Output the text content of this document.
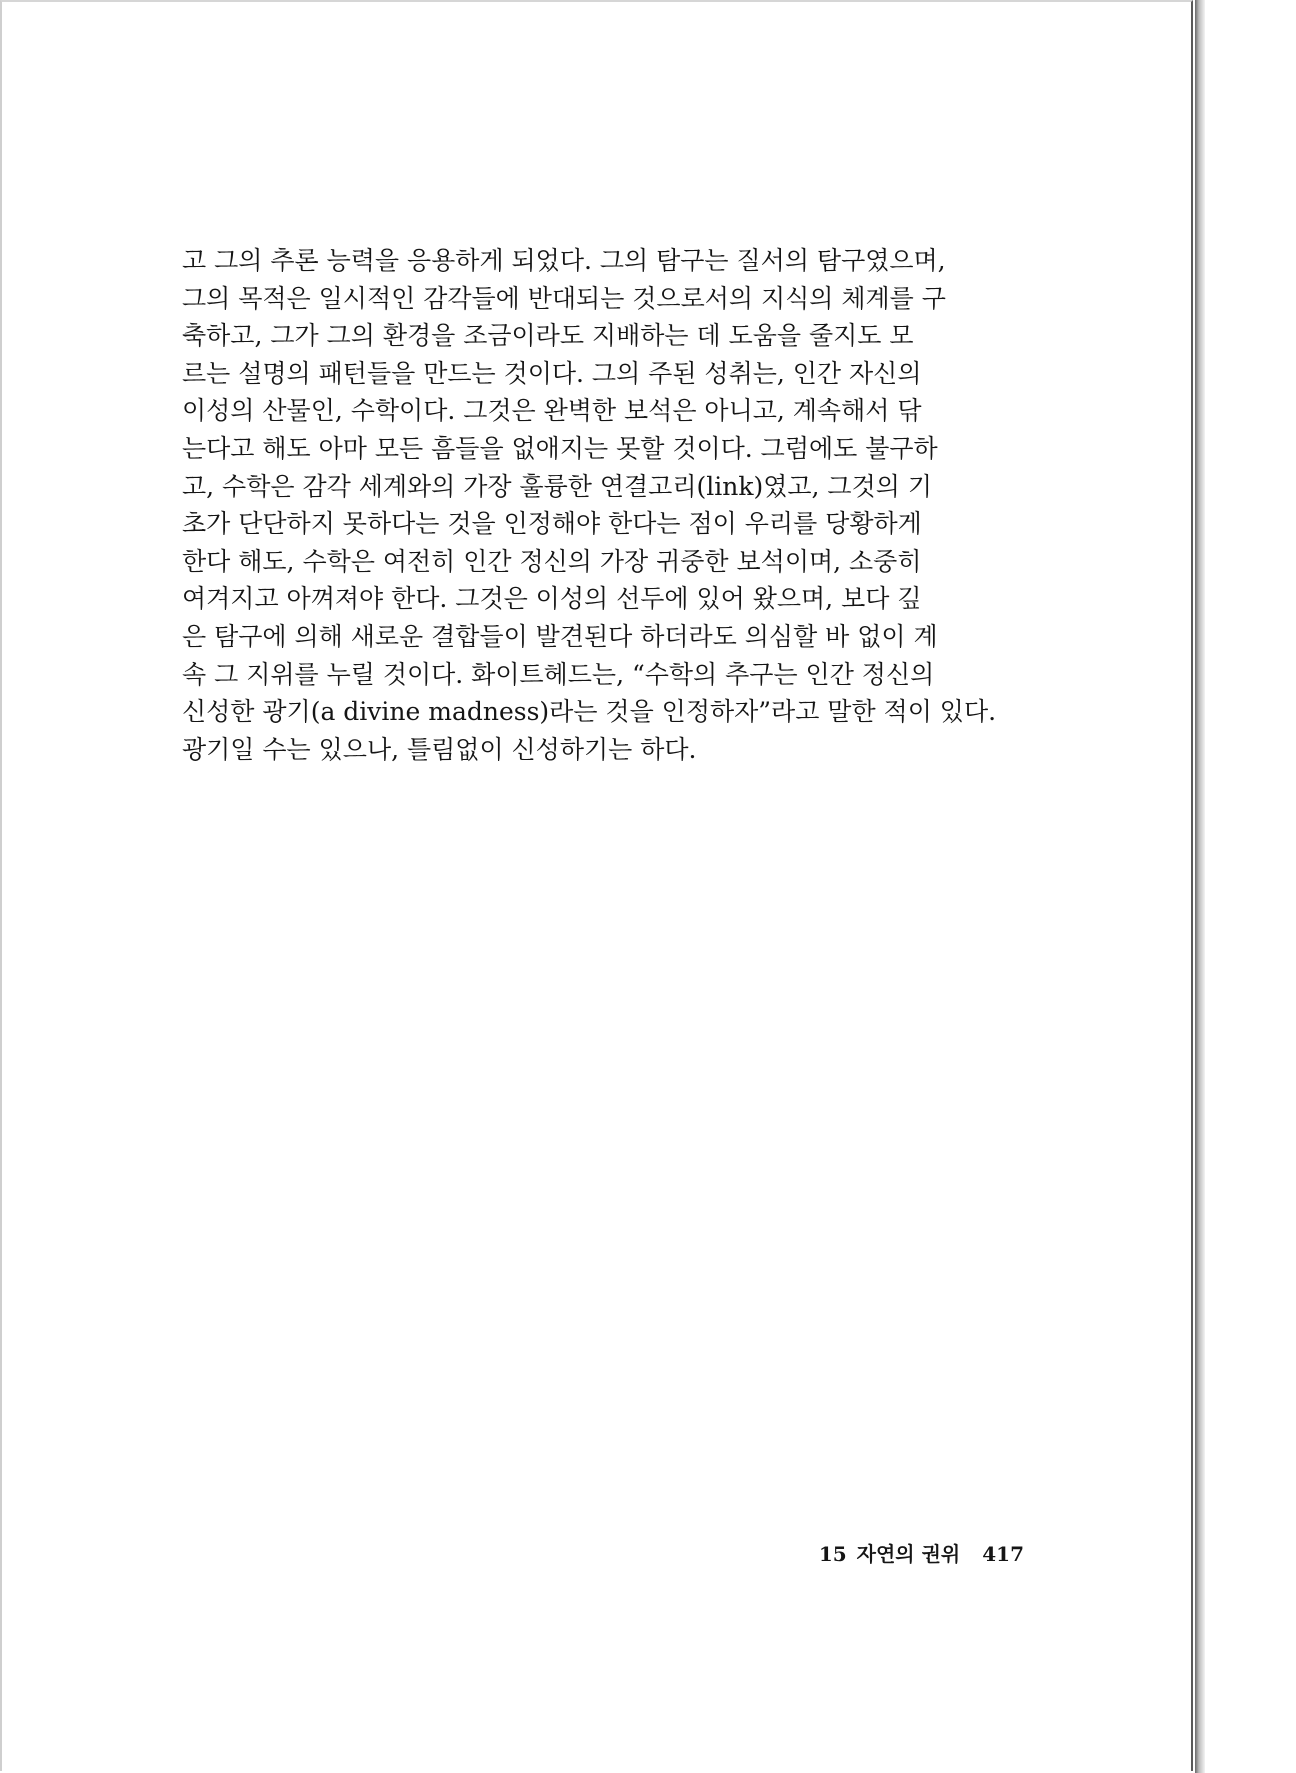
고 그의 추론 능력을 응용하게 되었다. 그의 탐구는 질서의 탐구였으며,
그의 목적은 일시적인 감각들에 반대되는 것으로서의 지식의 체계를 구
축하고, 그가 그의 환경을 조금이라도 지배하는 데 도움을 줄지도 모
르는 설명의 패턴들을 만드는 것이다. 그의 주된 성취는, 인간 자신의
이성의 산물인, 수학이다. 그것은 완벽한 보석은 아니고, 계속해서 닦
는다고 해도 아마 모든 흠들을 없애지는 못할 것이다. 그럼에도 불구하
고, 수학은 감각 세계와의 가장 훌륭한 연결고리(link)였고, 그것의 기
초가 단단하지 못하다는 것을 인정해야 한다는 점이 우리를 당황하게
한다 해도, 수학은 여전히 인간 정신의 가장 귀중한 보석이며, 소중히
여겨지고 아껴져야 한다. 그것은 이성의 선두에 있어 왔으며, 보다 깊
은 탐구에 의해 새로운 결합들이 발견된다 하더라도 의심할 바 없이 계
속 그 지위를 누릴 것이다. 화이트헤드는, “수학의 추구는 인간 정신의
신성한 광기(a divine madness)라는 것을 인정하자”라고 말한 적이 있다.
광기일 수는 있으나, 틀림없이 신성하기는 하다.
15 자연의 권위 417
